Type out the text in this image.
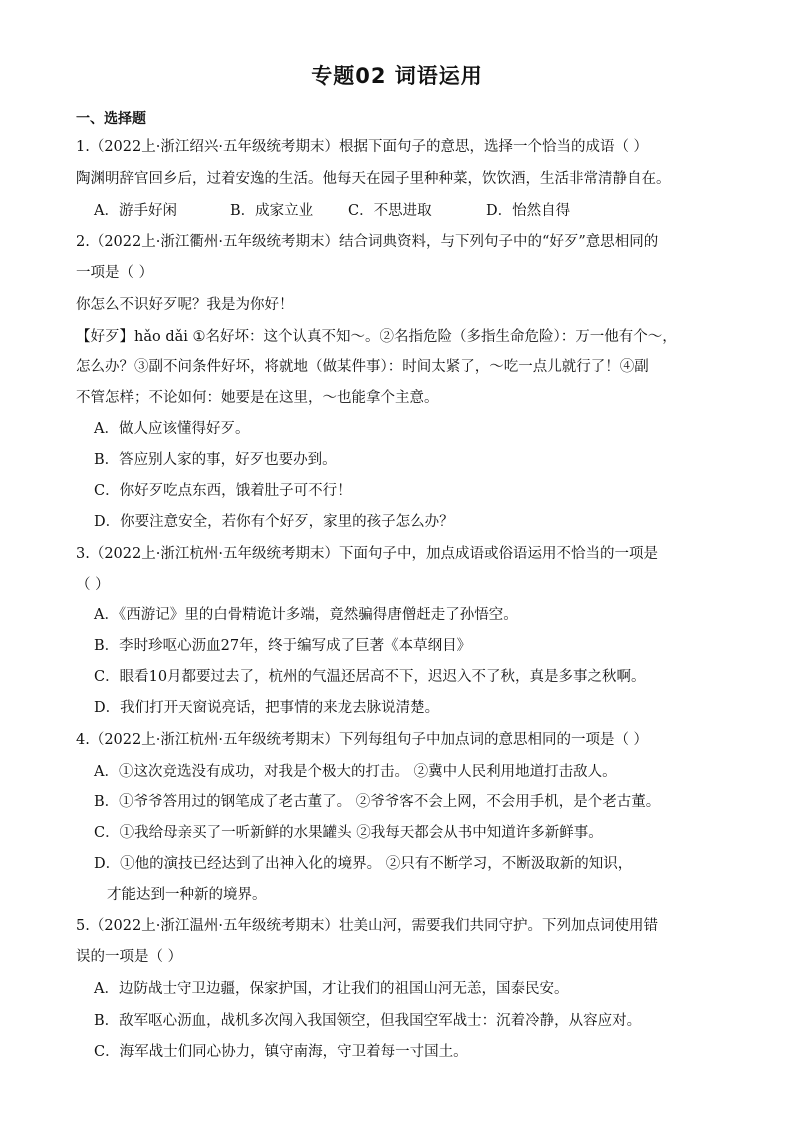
专题02 词语运用
一、选择题
1.（2022上·浙江绍兴·五年级统考期末）根据下面句子的意思，选择一个恰当的成语（ ）
陶渊明辞官回乡后，过着安逸的生活。他每天在园子里种种菜，饮饮酒，生活非常清静自在。
A．游手好闲	B．成家立业 C．不思进取	D．怡然自得
2.（2022上·浙江衢州·五年级统考期末）结合词典资料，与下列句子中的“好歹”意思相同的
一项是（ ）
你怎么不识好歹呢？我是为你好！
【好歹】hǎo dǎi ①名好坏：这个认真不知～。②名指危险（多指生命危险）：万一他有个～，
怎么办？③副不问条件好坏，将就地（做某件事）：时间太紧了，～吃一点儿就行了！④副
不管怎样；不论如何：她要是在这里，～也能拿个主意。
A．做人应该懂得好歹。
B．答应别人家的事，好歹也要办到。
C．你好歹吃点东西，饿着肚子可不行！
D．你要注意安全，若你有个好歹，家里的孩子怎么办？
3.（2022上·浙江杭州·五年级统考期末）下面句子中，加点成语或俗语运用不恰当的一项是
（ ）
A．《西游记》里的白骨精诡计多端，竟然骗得唐僧赶走了孙悟空。
B．李时珍呕心沥血27年，终于编写成了巨著《本草纲目》
C．眼看10月都要过去了，杭州的气温还居高不下，迟迟入不了秋，真是多事之秋啊。
D．我们打开天窗说亮话，把事情的来龙去脉说清楚。
4.（2022上·浙江杭州·五年级统考期末）下列每组句子中加点词的意思相同的一项是（ ）
A．①这次竞选没有成功，对我是个极大的打击。 ②冀中人民利用地道打击敌人。
B．①爷爷答用过的钢笔成了老古董了。 ②爷爷客不会上网，不会用手机，是个老古董。
C．①我给母亲买了一听新鲜的水果罐头 ②我每天都会从书中知道许多新鲜事。
D．①他的演技已经达到了出神入化的境界。 ②只有不断学习，不断汲取新的知识，
才能达到一种新的境界。
5.（2022上·浙江温州·五年级统考期末）壮美山河，需要我们共同守护。下列加点词使用错
误的一项是（ ）
A．边防战士守卫边疆，保家护国，才让我们的祖国山河无恙，国泰民安。
B．敌军呕心沥血，战机多次闯入我国领空，但我国空军战士：沉着冷静，从容应对。
C．海军战士们同心协力，镇守南海，守卫着每一寸国土。
